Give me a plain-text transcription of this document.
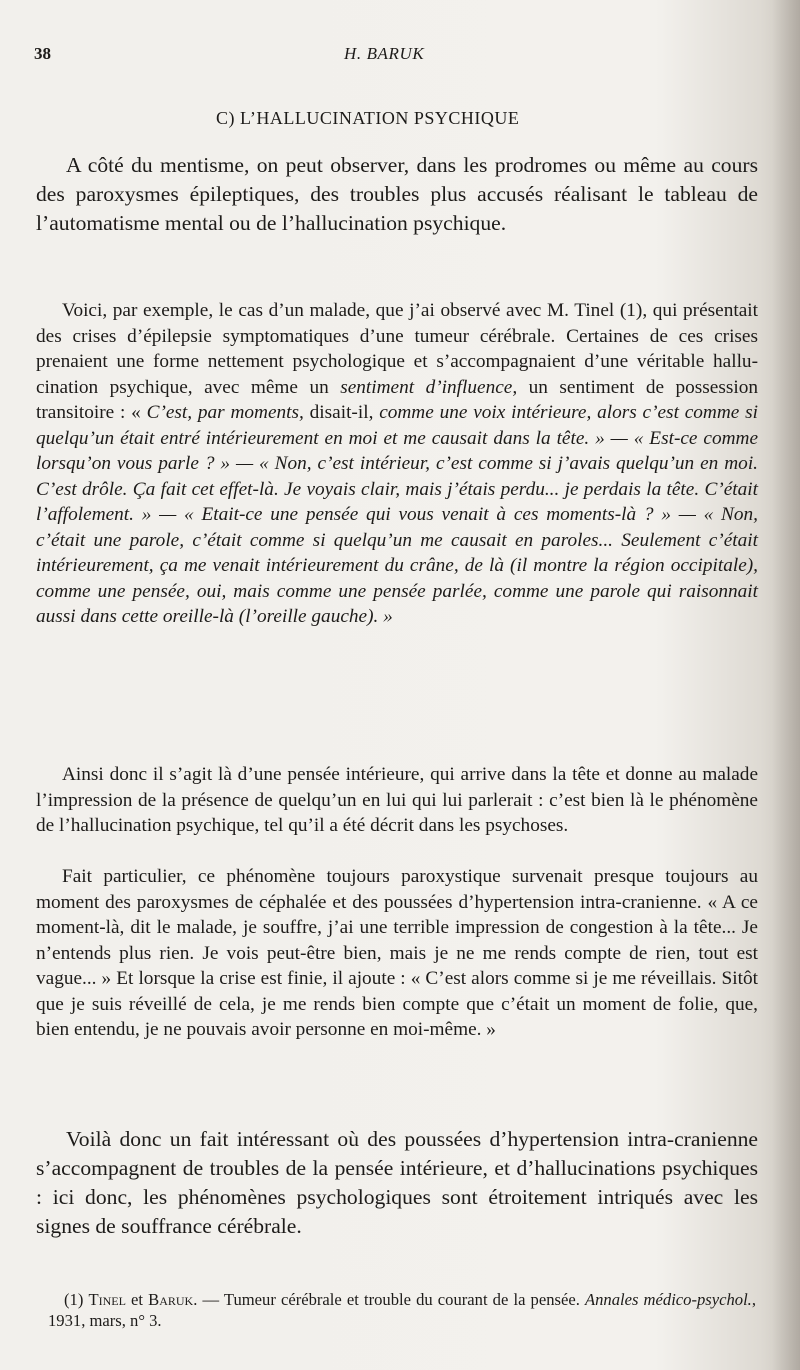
38	H. BARUK
C) L’HALLUCINATION PSYCHIQUE

A côté du mentisme, on peut observer, dans les prodromes ou même au cours des paroxysmes épileptiques, des troubles plus accusés réalisant le tableau de l’automatisme mental ou de l’hallucination psychique.

Voici, par exemple, le cas d’un malade, que j’ai observé avec M. Tinel (1), qui présentait des crises d’épilepsie symptomatiques d’une tumeur cérébrale. Certaines de ces crises prenaient une forme nettement psychologique et s’accompagnaient d’une véritable hallucination psychique, avec même un sentiment d’influence, un sentiment de possession transitoire : « C’est, par moments, disait-il, comme une voix intérieure, alors c’est comme si quelqu’un était entré intérieurement en moi et me causait dans la tête. » — « Est-ce comme lorsqu’on vous parle ? » — « Non, c’est intérieur, c’est comme si j’avais quelqu’un en moi. C’est drôle. Ça fait cet effet-là. Je voyais clair, mais j’étais perdu... je perdais la tête. C’était l’affolement. » — « Etait-ce une pensée qui vous venait à ces moments-là ? » — « Non, c’était une parole, c’était comme si quelqu’un me causait en paroles... Seulement c’était intérieurement, ça me venait intérieurement du crâne, de là (il montre la région occipitale), comme une pensée, oui, mais comme une pensée parlée, comme une parole qui raisonnait aussi dans cette oreille-là (l’oreille gauche). »

Ainsi donc il s’agit là d’une pensée intérieure, qui arrive dans la tête et donne au malade l’impression de la présence de quelqu’un en lui qui lui parlerait : c’est bien là le phénomène de l’hallucination psychique, tel qu’il a été décrit dans les psychoses.

Fait particulier, ce phénomène toujours paroxystique survenait presque toujours au moment des paroxysmes de céphalée et des poussées d’hypertension intra-cranienne. « A ce moment-là, dit le malade, je souffre, j’ai une terrible impression de congestion à la tête... Je n’entends plus rien. Je vois peut-être bien, mais je ne me rends compte de rien, tout est vague... » Et lorsque la crise est finie, il ajoute : « C’est alors comme si je me réveillais. Sitôt que je suis réveillé de cela, je me rends bien compte que c’était un moment de folie, que, bien entendu, je ne pouvais avoir personne en moi-même. »

Voilà donc un fait intéressant où des poussées d’hypertension intra-cranienne s’accompagnent de troubles de la pensée intérieure, et d’hallucinations psychiques : ici donc, les phénomènes psychologiques sont étroitement intriqués avec les signes de souffrance cérébrale.

(1) Tinel et Baruk. — Tumeur cérébrale et trouble du courant de la pensée. Annales médico-psychol., 1931, mars, n° 3.
